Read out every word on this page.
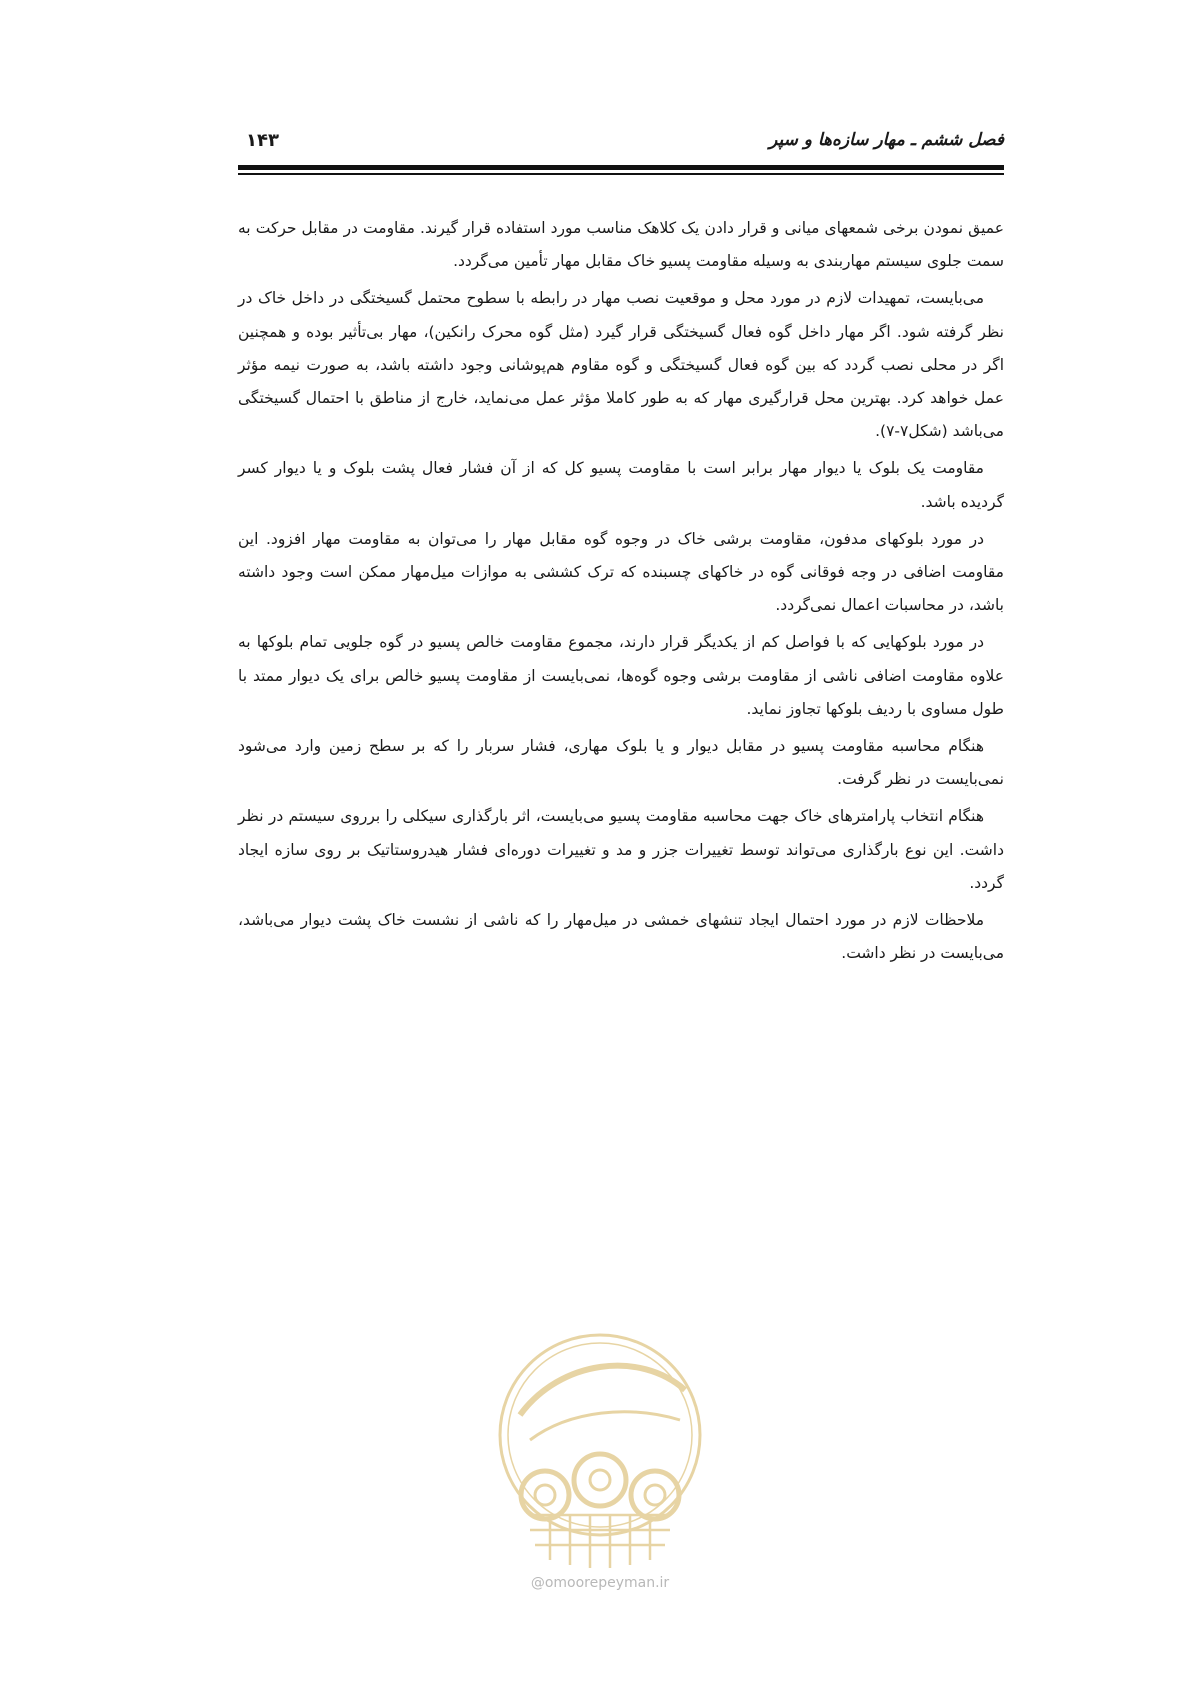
فصل ششم ـ مهار سازه‌ها و سپر
۱۴۳

عمیق نمودن برخی شمعهای میانی و قرار دادن یک کلاهک مناسب مورد استفاده قرار گیرند. مقاومت در مقابل حرکت به سمت جلوی سیستم مهاربندی به وسیله مقاومت پسیو خاک مقابل مهار تأمین می‌گردد.

می‌بایست، تمهیدات لازم در مورد محل و موقعیت نصب مهار در رابطه با سطوح محتمل گسیختگی در داخل خاک در نظر گرفته شود. اگر مهار داخل گوه فعال گسیختگی قرار گیرد (مثل گوه محرک رانکین)، مهار بی‌تأثیر بوده و همچنین اگر در محلی نصب گردد که بین گوه فعال گسیختگی و گوه مقاوم هم‌پوشانی وجود داشته باشد، به صورت نیمه مؤثر عمل خواهد کرد. بهترین محل قرارگیری مهار که به طور کاملا مؤثر عمل می‌نماید، خارج از مناطق با احتمال گسیختگی می‌باشد (شکل۷-۷).

مقاومت یک بلوک یا دیوار مهار برابر است با مقاومت پسیو کل که از آن فشار فعال پشت بلوک و یا دیوار کسر گردیده باشد.

در مورد بلوکهای مدفون، مقاومت برشی خاک در وجوه گوه مقابل مهار را می‌توان به مقاومت مهار افزود. این مقاومت اضافی در وجه فوقانی گوه در خاکهای چسبنده که ترک کششی به موازات میل‌مهار ممکن است وجود داشته باشد، در محاسبات اعمال نمی‌گردد.

در مورد بلوکهایی که با فواصل کم از یکدیگر قرار دارند، مجموع مقاومت خالص پسیو در گوه جلویی تمام بلوکها به علاوه مقاومت اضافی ناشی از مقاومت برشی وجوه گوه‌ها، نمی‌بایست از مقاومت پسیو خالص برای یک دیوار ممتد با طول مساوی با ردیف بلوکها تجاوز نماید.

هنگام محاسبه مقاومت پسیو در مقابل دیوار و یا بلوک مهاری، فشار سربار را که بر سطح زمین وارد می‌شود نمی‌بایست در نظر گرفت.

هنگام انتخاب پارامترهای خاک جهت محاسبه مقاومت پسیو می‌بایست، اثر بارگذاری سیکلی را برروی سیستم در نظر داشت. این نوع بارگذاری می‌تواند توسط تغییرات جزر و مد و تغییرات دوره‌ای فشار هیدروستاتیک بر روی سازه ایجاد گردد.

ملاحظات لازم در مورد احتمال ایجاد تنشهای خمشی در میل‌مهار را که ناشی از نشست خاک پشت دیوار می‌باشد، می‌بایست در نظر داشت.

@omoorepeyman.ir
